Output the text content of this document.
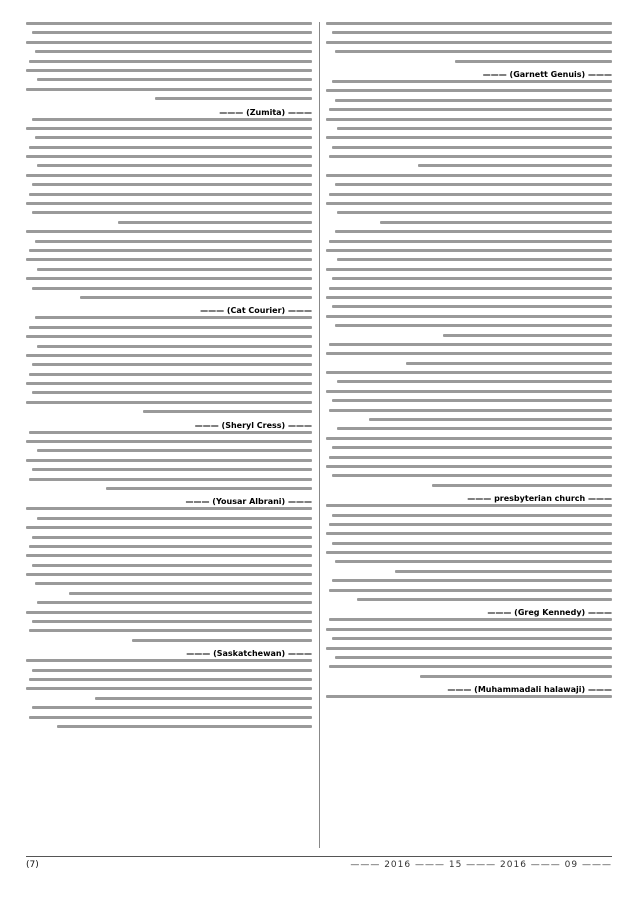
——— (Garnett Genuis) ———
——— presbyterian church ———
——— (Greg Kennedy) ———
——— (Muhammadali halawaji) ———
——— (Zumita) ———
——— (Cat Courier) ———
——— (Sheryl Cress) ———
——— (Yousar Albrani) ———
——— (Saskatchewan) ———
(7)	——— 09 ——— 2016 ——— 15 ——— 2016 ———
